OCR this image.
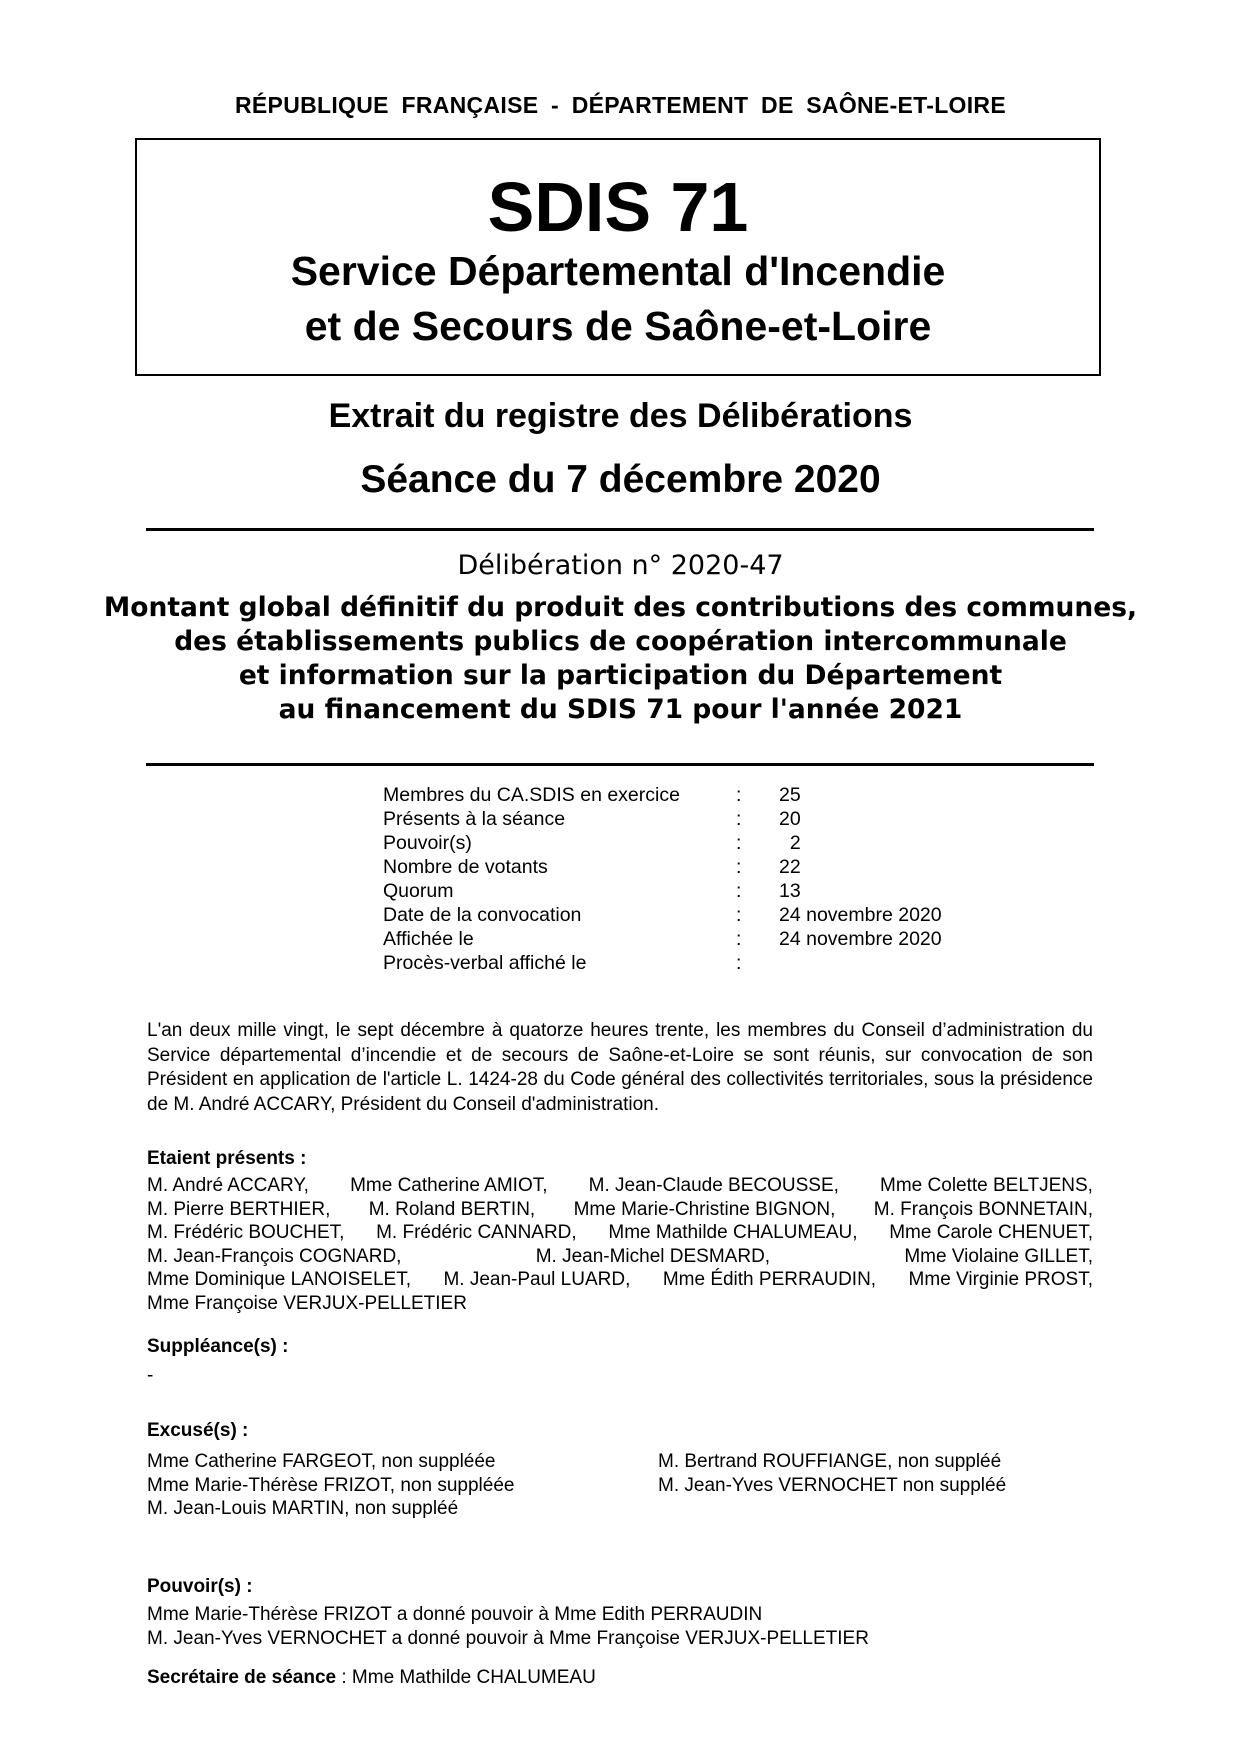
RÉPUBLIQUE FRANÇAISE - DÉPARTEMENT DE SAÔNE-ET-LOIRE
SDIS 71
Service Départemental d'Incendie
et de Secours de Saône-et-Loire
Extrait du registre des Délibérations
Séance du 7 décembre 2020
Délibération n° 2020-47
Montant global définitif du produit des contributions des communes,
des établissements publics de coopération intercommunale
et information sur la participation du Département
au financement du SDIS 71 pour l'année 2021
Membres du CA.SDIS en exercice	:	25
Présents à la séance	:	20
Pouvoir(s)	:	2
Nombre de votants	:	22
Quorum	:	13
Date de la convocation	:	24 novembre 2020
Affichée le	:	24 novembre 2020
Procès-verbal affiché le	:
L'an deux mille vingt, le sept décembre à quatorze heures trente, les membres du Conseil d’administration du Service départemental d’incendie et de secours de Saône-et-Loire se sont réunis, sur convocation de son Président en application de l'article L. 1424-28 du Code général des collectivités territoriales, sous la présidence de M. André ACCARY, Président du Conseil d'administration.
Etaient présents :
M. André ACCARY, Mme Catherine AMIOT, M. Jean-Claude BECOUSSE, Mme Colette BELTJENS,
M. Pierre BERTHIER, M. Roland BERTIN, Mme Marie-Christine BIGNON, M. François BONNETAIN,
M. Frédéric BOUCHET, M. Frédéric CANNARD, Mme Mathilde CHALUMEAU, Mme Carole CHENUET,
M. Jean-François COGNARD,	M. Jean-Michel DESMARD,	Mme Violaine GILLET,
Mme Dominique LANOISELET, M. Jean-Paul LUARD, Mme Édith PERRAUDIN, Mme Virginie PROST,
Mme Françoise VERJUX-PELLETIER
Suppléance(s) :
-
Excusé(s) :
Mme Catherine FARGEOT, non suppléée
Mme Marie-Thérèse FRIZOT, non suppléée
M. Jean-Louis MARTIN, non suppléé
M. Bertrand ROUFFIANGE, non suppléé
M. Jean-Yves VERNOCHET non suppléé
Pouvoir(s) :
Mme Marie-Thérèse FRIZOT a donné pouvoir à Mme Edith PERRAUDIN
M. Jean-Yves VERNOCHET a donné pouvoir à Mme Françoise VERJUX-PELLETIER
Secrétaire de séance : Mme Mathilde CHALUMEAU
